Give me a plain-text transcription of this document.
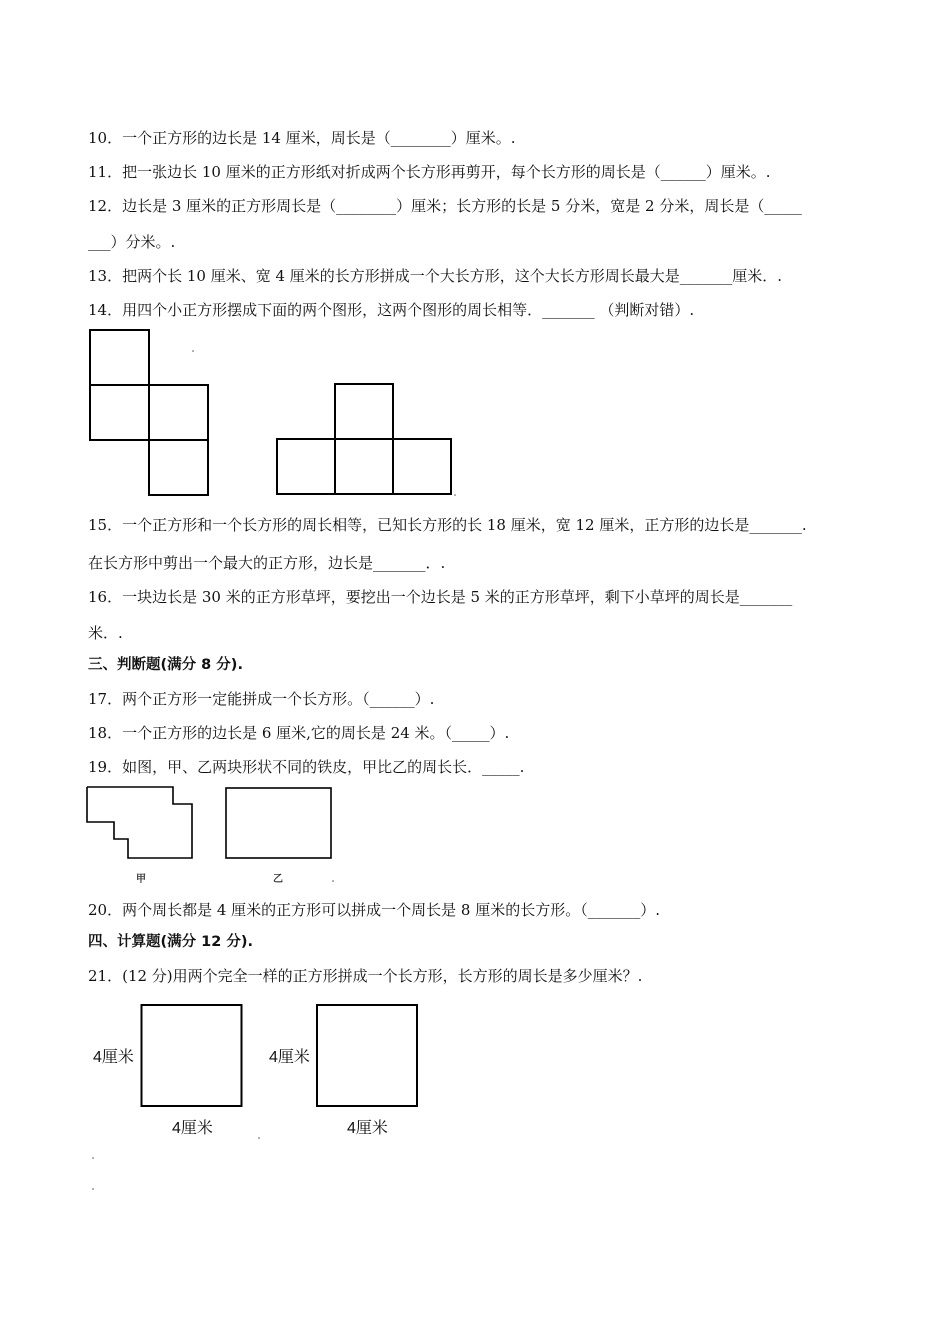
10．一个正方形的边长是 14 厘米，周长是（________）厘米。.
11．把一张边长 10 厘米的正方形纸对折成两个长方形再剪开，每个长方形的周长是（______）厘米。.
12．边长是 3 厘米的正方形周长是（________）厘米；长方形的长是 5 分米，宽是 2 分米，周长是（_____
___）分米。.
13．把两个长 10 厘米、宽 4 厘米的长方形拼成一个大长方形，这个大长方形周长最大是_______厘米．.
14．用四个小正方形摆成下面的两个图形，这两个图形的周长相等．_______ （判断对错）.
15．一个正方形和一个长方形的周长相等，已知长方形的长 18 厘米，宽 12 厘米，正方形的边长是_______.
在长方形中剪出一个最大的正方形，边长是_______．.
16．一块边长是 30 米的正方形草坪，要挖出一个边长是 5 米的正方形草坪，剩下小草坪的周长是_______
米．.
三、判断题(满分 8 分).
17．两个正方形一定能拼成一个长方形。（______）.
18．一个正方形的边长是 6 厘米,它的周长是 24 米。（_____）.
19．如图，甲、乙两块形状不同的铁皮，甲比乙的周长长．_____.
甲	乙
20．两个周长都是 4 厘米的正方形可以拼成一个周长是 8 厘米的长方形。（_______）.
四、计算题(满分 12 分).
21．(12 分)用两个完全一样的正方形拼成一个长方形，长方形的周长是多少厘米？.
4厘米
4厘米
4厘米
4厘米
